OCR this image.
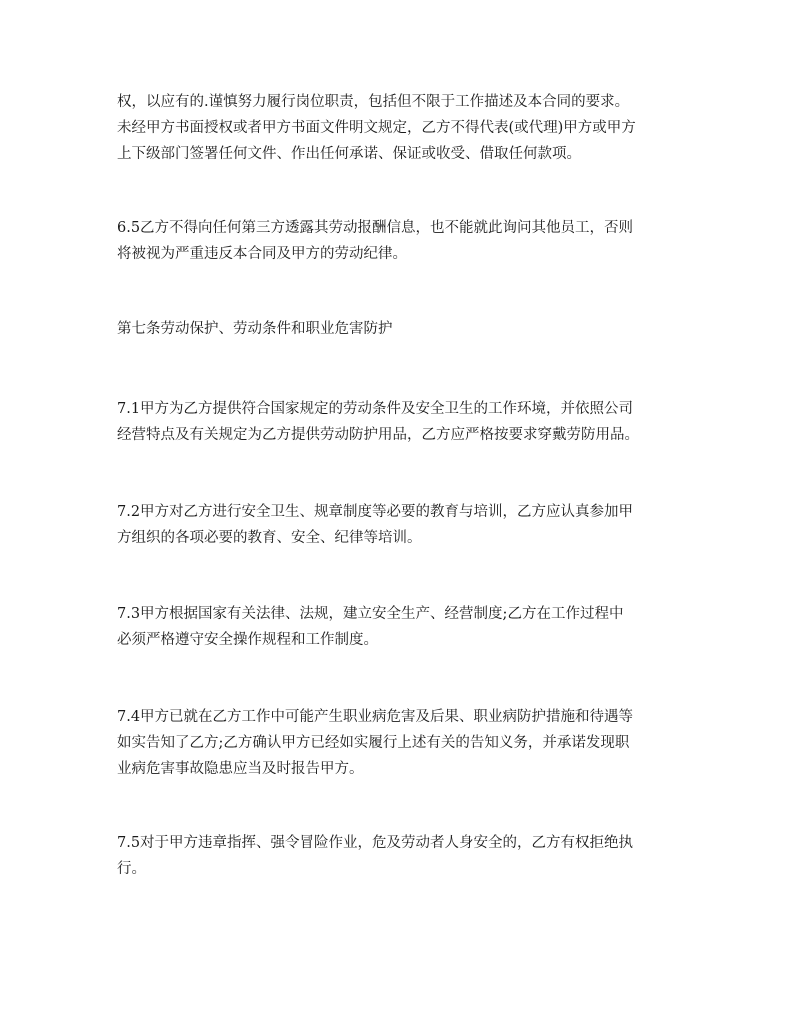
权，以应有的.谨慎努力履行岗位职责，包括但不限于工作描述及本合同的要求。
未经甲方书面授权或者甲方书面文件明文规定，乙方不得代表(或代理)甲方或甲方
上下级部门签署任何文件、作出任何承诺、保证或收受、借取任何款项。

6.5乙方不得向任何第三方透露其劳动报酬信息，也不能就此询问其他员工，否则
将被视为严重违反本合同及甲方的劳动纪律。

第七条劳动保护、劳动条件和职业危害防护

7.1甲方为乙方提供符合国家规定的劳动条件及安全卫生的工作环境，并依照公司
经营特点及有关规定为乙方提供劳动防护用品，乙方应严格按要求穿戴劳防用品。

7.2甲方对乙方进行安全卫生、规章制度等必要的教育与培训，乙方应认真参加甲
方组织的各项必要的教育、安全、纪律等培训。

7.3甲方根据国家有关法律、法规，建立安全生产、经营制度;乙方在工作过程中
必须严格遵守安全操作规程和工作制度。

7.4甲方已就在乙方工作中可能产生职业病危害及后果、职业病防护措施和待遇等
如实告知了乙方;乙方确认甲方已经如实履行上述有关的告知义务，并承诺发现职
业病危害事故隐患应当及时报告甲方。

7.5对于甲方违章指挥、强令冒险作业，危及劳动者人身安全的，乙方有权拒绝执
行。
